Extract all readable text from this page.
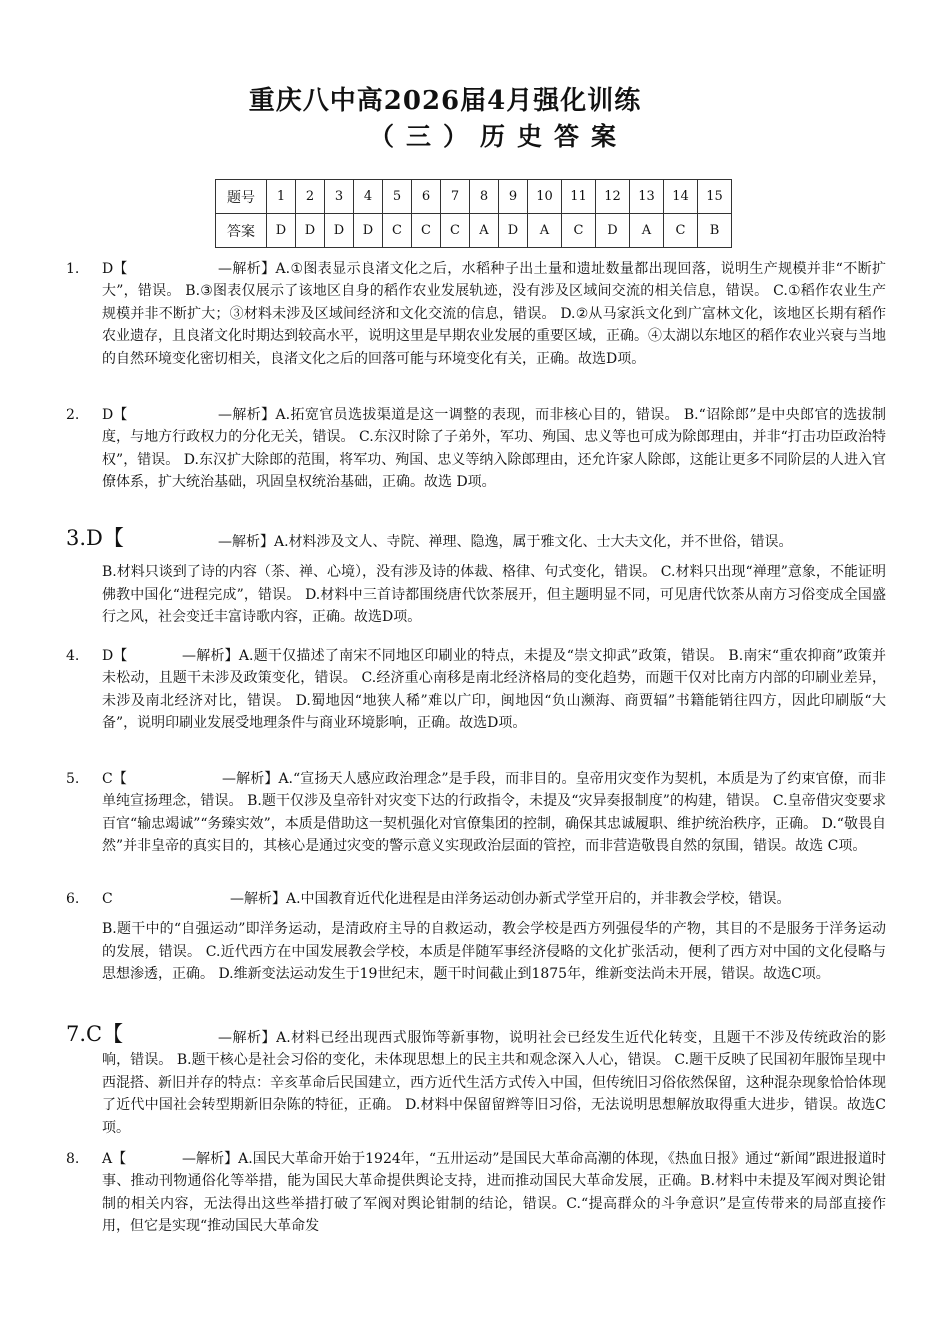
重庆八中高2026届4月强化训练
（三）历史答案
题号	1	2	3	4	5	6	7	8	9	10	11	12	13	14	15
答案	D	D	D	D	C	C	C	A	D	A	C	D	A	C	B
1. D【	—解析】A.①图表显示良渚文化之后，水稻种子出土量和遗址数量都出现回落，说明生产规模并非“不断扩大”，错误。 B.③图表仅展示了该地区自身的稻作农业发展轨迹，没有涉及区域间交流的相关信息，错误。 C.①稻作农业生产规模并非不断扩大；③材料未涉及区域间经济和文化交流的信息，错误。 D.②从马家浜文化到广富林文化，该地区长期有稻作农业遗存，且良渚文化时期达到较高水平，说明这里是早期农业发展的重要区域，正确。④太湖以东地区的稻作农业兴衰与当地的自然环境变化密切相关，良渚文化之后的回落可能与环境变化有关，正确。故选D项。
2. D【	—解析】A.拓宽官员选拔渠道是这一调整的表现，而非核心目的，错误。 B.“诏除郎”是中央郎官的选拔制度，与地方行政权力的分化无关，错误。 C.东汉时除了子弟外，军功、殉国、忠义等也可成为除郎理由，并非“打击功臣政治特权”，错误。 D.东汉扩大除郎的范围，将军功、殉国、忠义等纳入除郎理由，还允许家人除郎，这能让更多不同阶层的人进入官僚体系，扩大统治基础，巩固皇权统治基础，正确。故选 D项。
3.D【	—解析】A.材料涉及文人、寺院、禅理、隐逸，属于雅文化、士大夫文化，并不世俗，错误。
B.材料只谈到了诗的内容（茶、禅、心境），没有涉及诗的体裁、格律、句式变化，错误。 C.材料只出现“禅理”意象，不能证明佛教中国化“进程完成”，错误。 D.材料中三首诗都围绕唐代饮茶展开，但主题明显不同，可见唐代饮茶从南方习俗变成全国盛行之风，社会变迁丰富诗歌内容，正确。故选D项。
4. D【	—解析】A.题干仅描述了南宋不同地区印刷业的特点，未提及“崇文抑武”政策，错误。 B.南宋“重农抑商”政策并未松动，且题干未涉及政策变化，错误。 C.经济重心南移是南北经济格局的变化趋势，而题干仅对比南方内部的印刷业差异，未涉及南北经济对比，错误。 D.蜀地因“地狭人稀”难以广印，闽地因“负山濒海、商贾辐”书籍能销往四方，因此印刷版“大备”，说明印刷业发展受地理条件与商业环境影响，正确。故选D项。
5. C【	—解析】A.“宣扬天人感应政治理念”是手段，而非目的。皇帝用灾变作为契机，本质是为了约束官僚，而非单纯宣扬理念，错误。 B.题干仅涉及皇帝针对灾变下达的行政指令，未提及“灾异奏报制度”的构建，错误。 C.皇帝借灾变要求百官“输忠竭诚”“务臻实效”，本质是借助这一契机强化对官僚集团的控制，确保其忠诚履职、维护统治秩序，正确。 D.“敬畏自然”并非皇帝的真实目的，其核心是通过灾变的警示意义实现政治层面的管控，而非营造敬畏自然的氛围，错误。故选 C项。
6. C	—解析】A.中国教育近代化进程是由洋务运动创办新式学堂开启的，并非教会学校，错误。
B.题干中的“自强运动”即洋务运动，是清政府主导的自救运动，教会学校是西方列强侵华的产物，其目的不是服务于洋务运动的发展，错误。 C.近代西方在中国发展教会学校，本质是伴随军事经济侵略的文化扩张活动，便利了西方对中国的文化侵略与思想渗透，正确。 D.维新变法运动发生于19世纪末，题干时间截止到1875年，维新变法尚未开展，错误。故选C项。
7.C【	—解析】A.材料已经出现西式服饰等新事物，说明社会已经发生近代化转变，且题干不涉及传统政治的影响，错误。 B.题干核心是社会习俗的变化，未体现思想上的民主共和观念深入人心，错误。 C.题干反映了民国初年服饰呈现中西混搭、新旧并存的特点：辛亥革命后民国建立，西方近代生活方式传入中国，但传统旧习俗依然保留，这种混杂现象恰恰体现了近代中国社会转型期新旧杂陈的特征，正确。 D.材料中保留留辫等旧习俗，无法说明思想解放取得重大进步，错误。故选C项。
8. A【	—解析】A.国民大革命开始于1924年，“五卅运动”是国民大革命高潮的体现，《热血日报》通过“新闻”跟进报道时事、推动刊物通俗化等举措，能为国民大革命提供舆论支持，进而推动国民大革命发展，正确。B.材料中未提及军阀对舆论钳制的相关内容，无法得出这些举措打破了军阀对舆论钳制的结论，错误。C.“提高群众的斗争意识”是宣传带来的局部直接作用，但它是实现“推动国民大革命发
